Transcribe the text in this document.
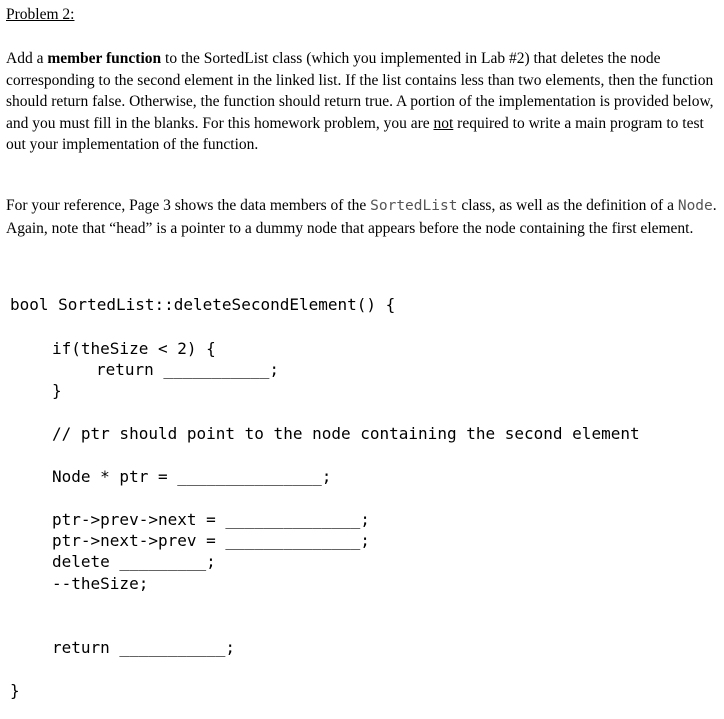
Problem 2:
Add a member function to the SortedList class (which you implemented in Lab #2) that deletes the node corresponding to the second element in the linked list. If the list contains less than two elements, then the function should return false. Otherwise, the function should return true. A portion of the implementation is provided below, and you must fill in the blanks. For this homework problem, you are not required to write a main program to test out your implementation of the function.
For your reference, Page 3 shows the data members of the SortedList class, as well as the definition of a Node. Again, note that “head” is a pointer to a dummy node that appears before the node containing the first element.
bool SortedList::deleteSecondElement() {
if(theSize < 2) {
return ___________;
}
// ptr should point to the node containing the second element
Node * ptr = _______________;
ptr->prev->next = ______________;
ptr->next->prev = ______________;
delete _________;
--theSize;
return ___________;
}
